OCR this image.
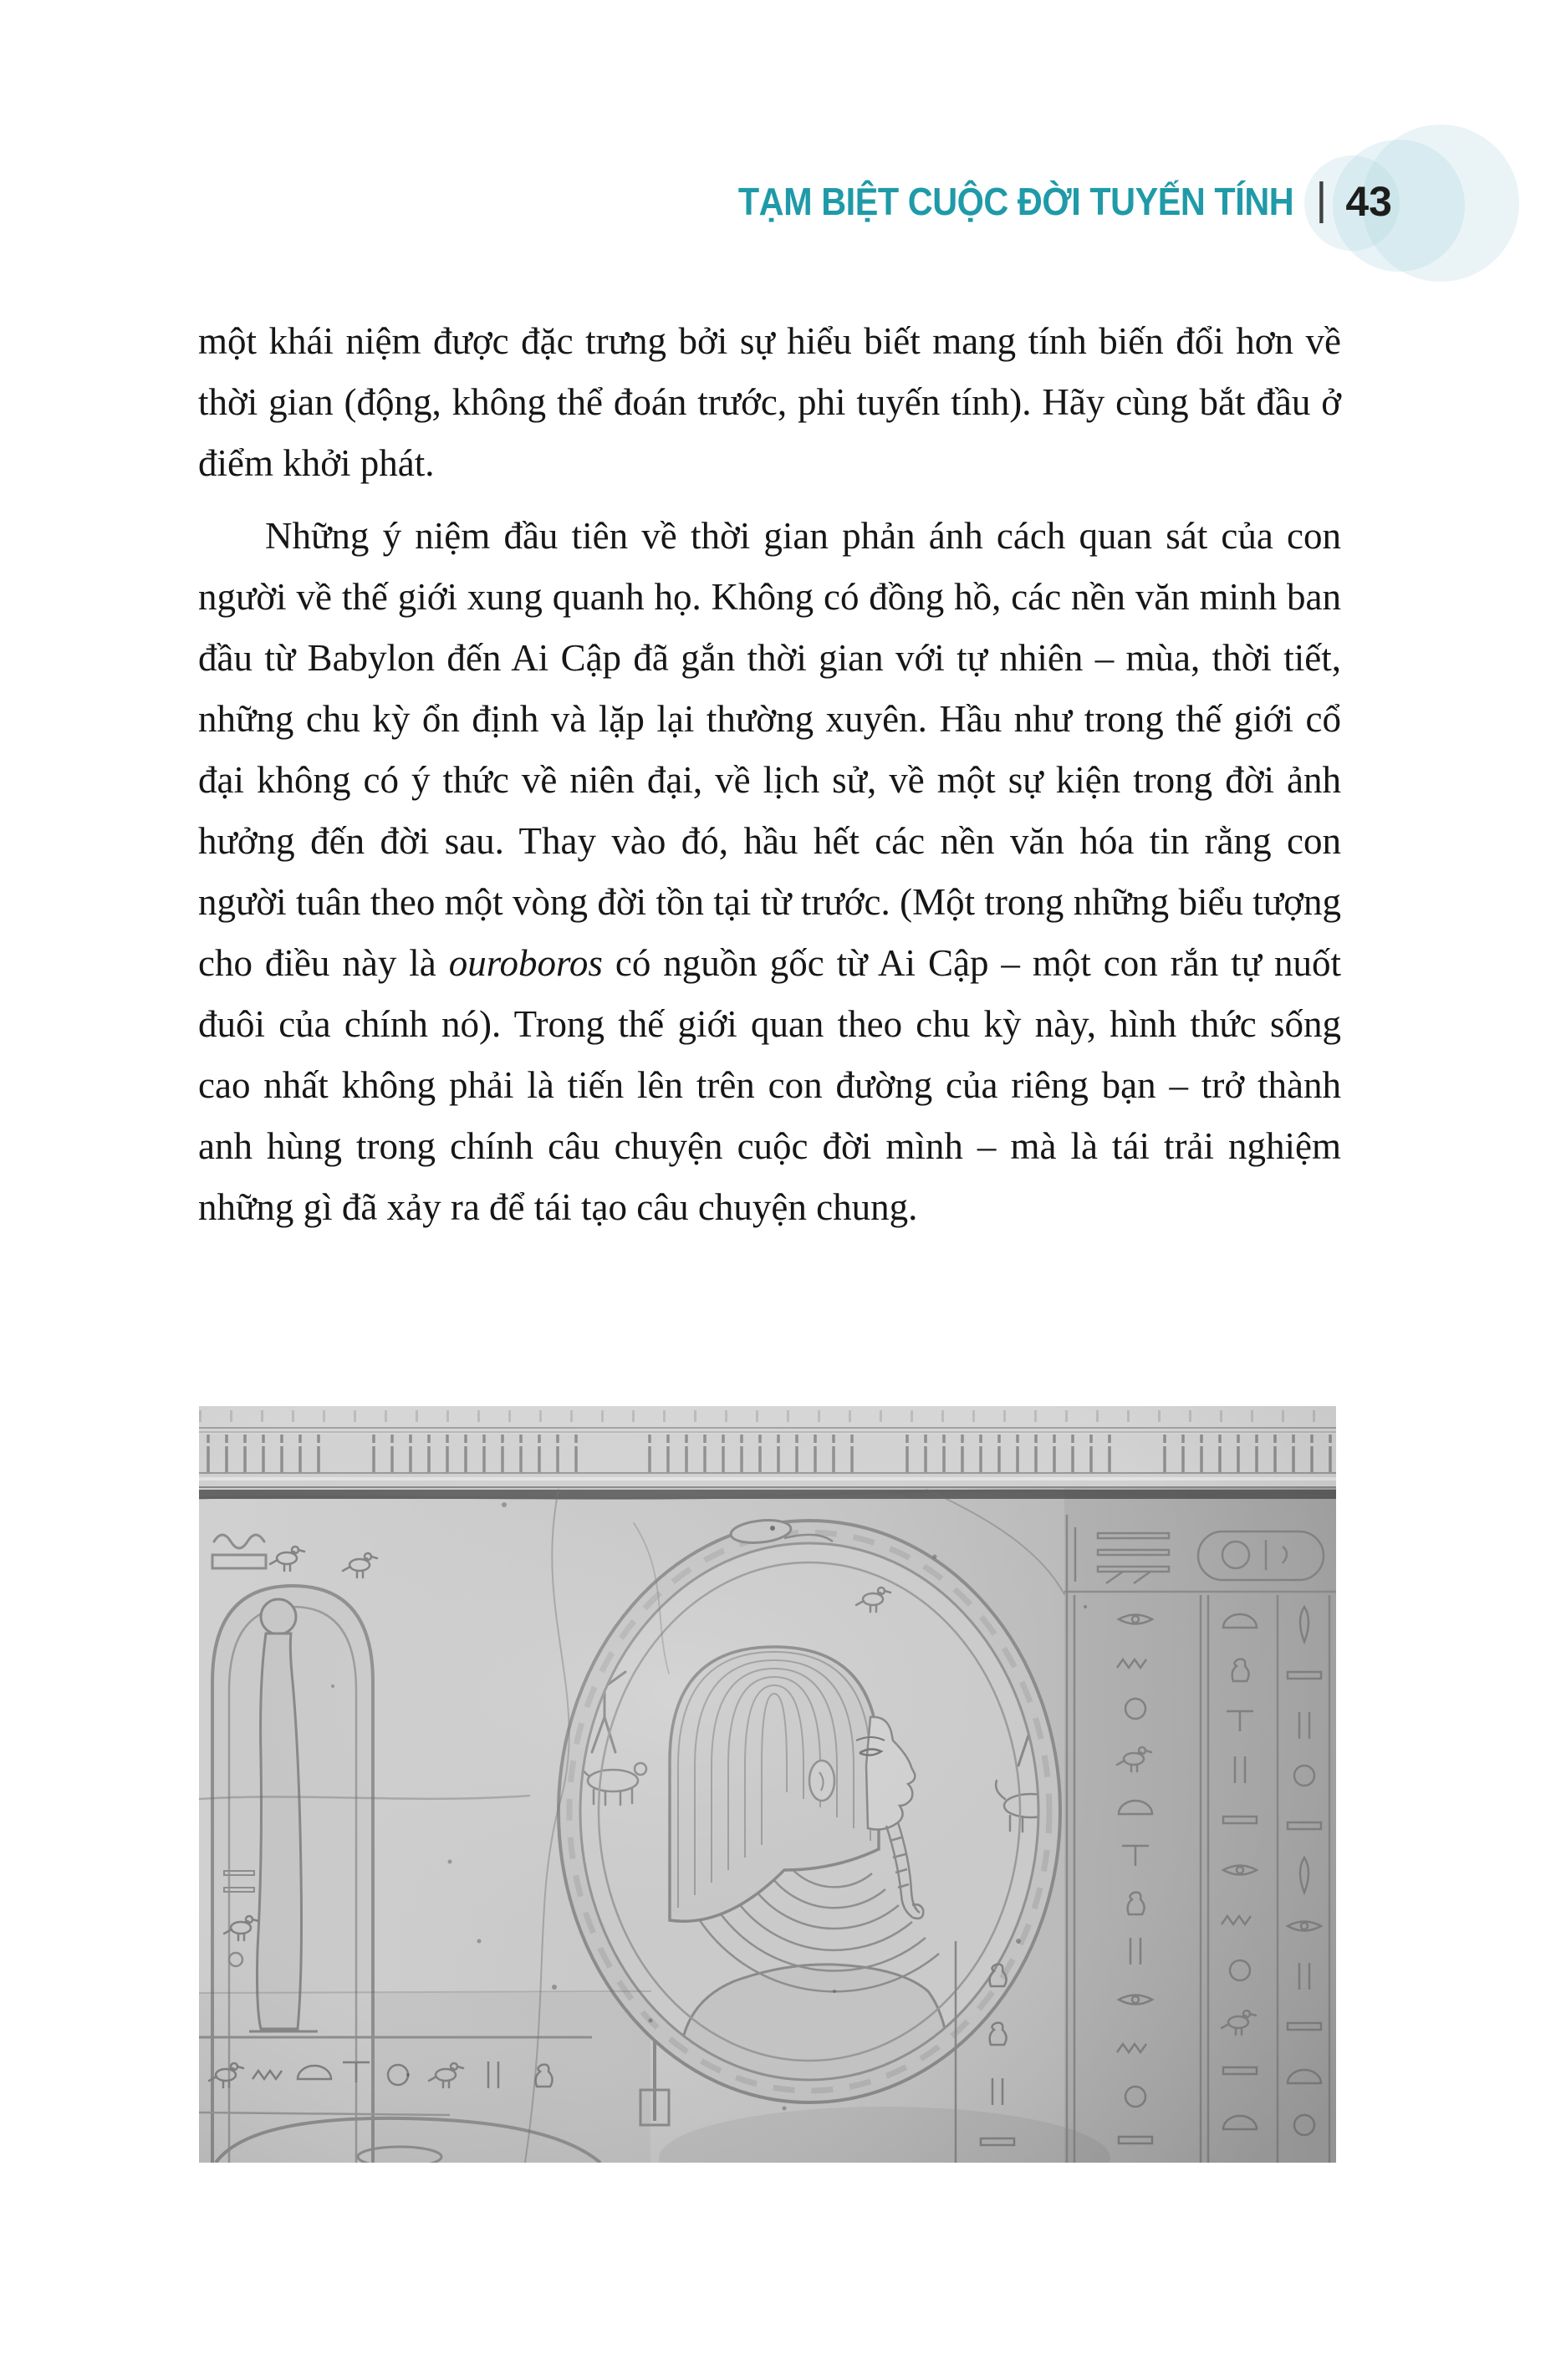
TẠM BIỆT CUỘC ĐỜI TUYẾN TÍNH | 43

một khái niệm được đặc trưng bởi sự hiểu biết mang tính biến đổi hơn về thời gian (động, không thể đoán trước, phi tuyến tính). Hãy cùng bắt đầu ở điểm khởi phát.

Những ý niệm đầu tiên về thời gian phản ánh cách quan sát của con người về thế giới xung quanh họ. Không có đồng hồ, các nền văn minh ban đầu từ Babylon đến Ai Cập đã gắn thời gian với tự nhiên – mùa, thời tiết, những chu kỳ ổn định và lặp lại thường xuyên. Hầu như trong thế giới cổ đại không có ý thức về niên đại, về lịch sử, về một sự kiện trong đời ảnh hưởng đến đời sau. Thay vào đó, hầu hết các nền văn hóa tin rằng con người tuân theo một vòng đời tồn tại từ trước. (Một trong những biểu tượng cho điều này là ouroboros có nguồn gốc từ Ai Cập – một con rắn tự nuốt đuôi của chính nó). Trong thế giới quan theo chu kỳ này, hình thức sống cao nhất không phải là tiến lên trên con đường của riêng bạn – trở thành anh hùng trong chính câu chuyện cuộc đời mình – mà là tái trải nghiệm những gì đã xảy ra để tái tạo câu chuyện chung.
